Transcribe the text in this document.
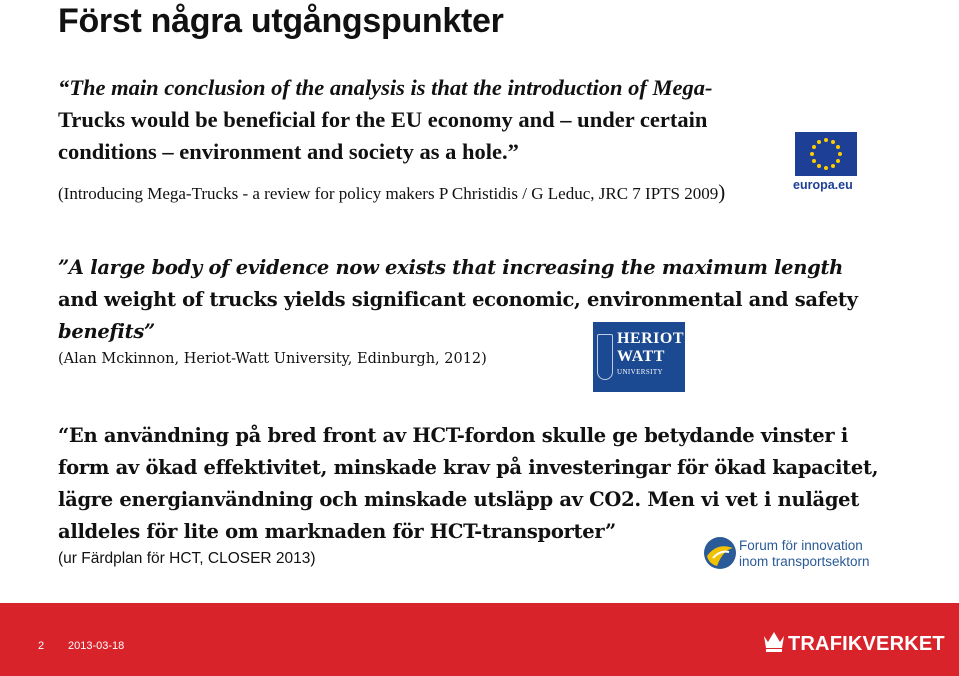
Först några utgångspunkter
“The main conclusion of the analysis is that the introduction of Mega-
Trucks would be beneficial for the EU economy and – under certain
conditions – environment and society as a hole.”
(Introducing Mega-Trucks - a review for policy makers P Christidis / G Leduc, JRC 7 IPTS 2009)	europa.eu
”A large body of evidence now exists that increasing the maximum length
and weight of trucks yields significant economic, environmental and safety
benefits”
(Alan Mckinnon, Heriot-Watt University, Edinburgh, 2012)
HERIOT
WATT
UNIVERSITY
“En användning på bred front av HCT-fordon skulle ge betydande vinster i
form av ökad effektivitet, minskade krav på investeringar för ökad kapacitet,
lägre energianvändning och minskade utsläpp av CO2. Men vi vet i nuläget
alldeles för lite om marknaden för HCT-transporter”
(ur Färdplan för HCT, CLOSER 2013)
Forum för innovation
inom transportsektorn
2 2013-03-18	TRAFIKVERKET
